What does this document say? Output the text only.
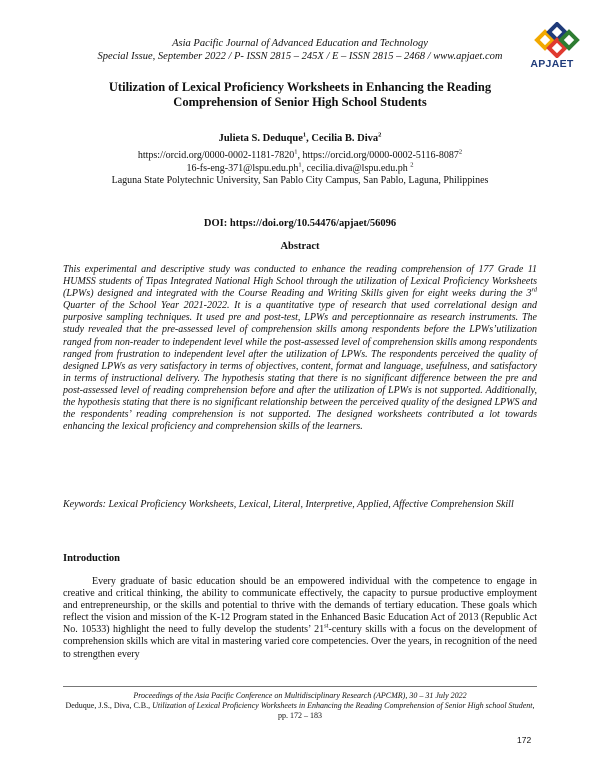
Asia Pacific Journal of Advanced Education and Technology
Special Issue, September 2022 / P- ISSN 2815 – 245X / E – ISSN 2815 – 2468 / www.apjaet.com
APJAET
Utilization of Lexical Proficiency Worksheets in Enhancing the Reading
Comprehension of Senior High School Students
Julieta S. Deduque$^1$, Cecilia B. Diva$^2$
https://orcid.org/0000-0002-1181-7820$^1$, https://orcid.org/0000-0002-5116-8087$^2$
$16-fs-eng-371@lspu.edu.ph^1$, cecilia.diva@lspu.edu.ph $^2$
Laguna State Polytechnic University, San Pablo City Campus, San Pablo, Laguna, Philippines
DOI: https://doi.org/10.54476/apjaet/56096
Abstract
This experimental and descriptive study was conducted to enhance the reading comprehension of 177 Grade 11 HUMSS students of Tipas Integrated National High School through the utilization of Lexical Proficiency Worksheets (LPWs) designed and integrated with the Course Reading and Writing Skills given for eight weeks during the 3rd Quarter of the School Year 2021-2022. It is a quantitative type of research that used correlational design and purposive sampling techniques. It used pre and post-test, LPWs and perceptionnaire as research instruments. The study revealed that the pre-assessed level of comprehension skills among respondents before the LPWs’utilization ranged from non-reader to independent level while the post-assessed level of comprehension skills among respondents ranged from frustration to independent level after the utilization of LPWs. The respondents perceived the quality of designed LPWs as very satisfactory in terms of objectives, content, format and language, usefulness, and satisfactory in terms of instructional delivery. The hypothesis stating that there is no significant difference between the pre and post-assessed level of reading comprehension before and after the utilization of LPWs is not supported. Additionally, the hypothesis stating that there is no significant relationship between the perceived quality of the designed LPWS and the respondents’ reading comprehension is not supported. The designed worksheets contributed a lot towards enhancing the lexical proficiency and comprehension skills of the learners.
Keywords: Lexical Proficiency Worksheets, Lexical, Literal, Interpretive, Applied, Affective Comprehension Skill
Introduction
Every graduate of basic education should be an empowered individual with the competence to engage in creative and critical thinking, the ability to communicate effectively, the capacity to pursue productive employment and entrepreneurship, or the skills and potential to thrive with the demands of tertiary education. These goals which reflect the vision and mission of the K-12 Program stated in the Enhanced Basic Education Act of 2013 (Republic Act No. 10533) highlight the need to fully develop the students’ 21st-century skills with a focus on the development of comprehension skills which are vital in mastering varied core competencies. Over the years, in recognition of the need to strengthen every
Proceedings of the Asia Pacific Conference on Multidisciplinary Research (APCMR), 30 – 31 July 2022
Deduque, J.S., Diva, C.B., Utilization of Lexical Proficiency Worksheets in Enhancing the Reading Comprehension of Senior High school Student, pp. 172 – 183
172
